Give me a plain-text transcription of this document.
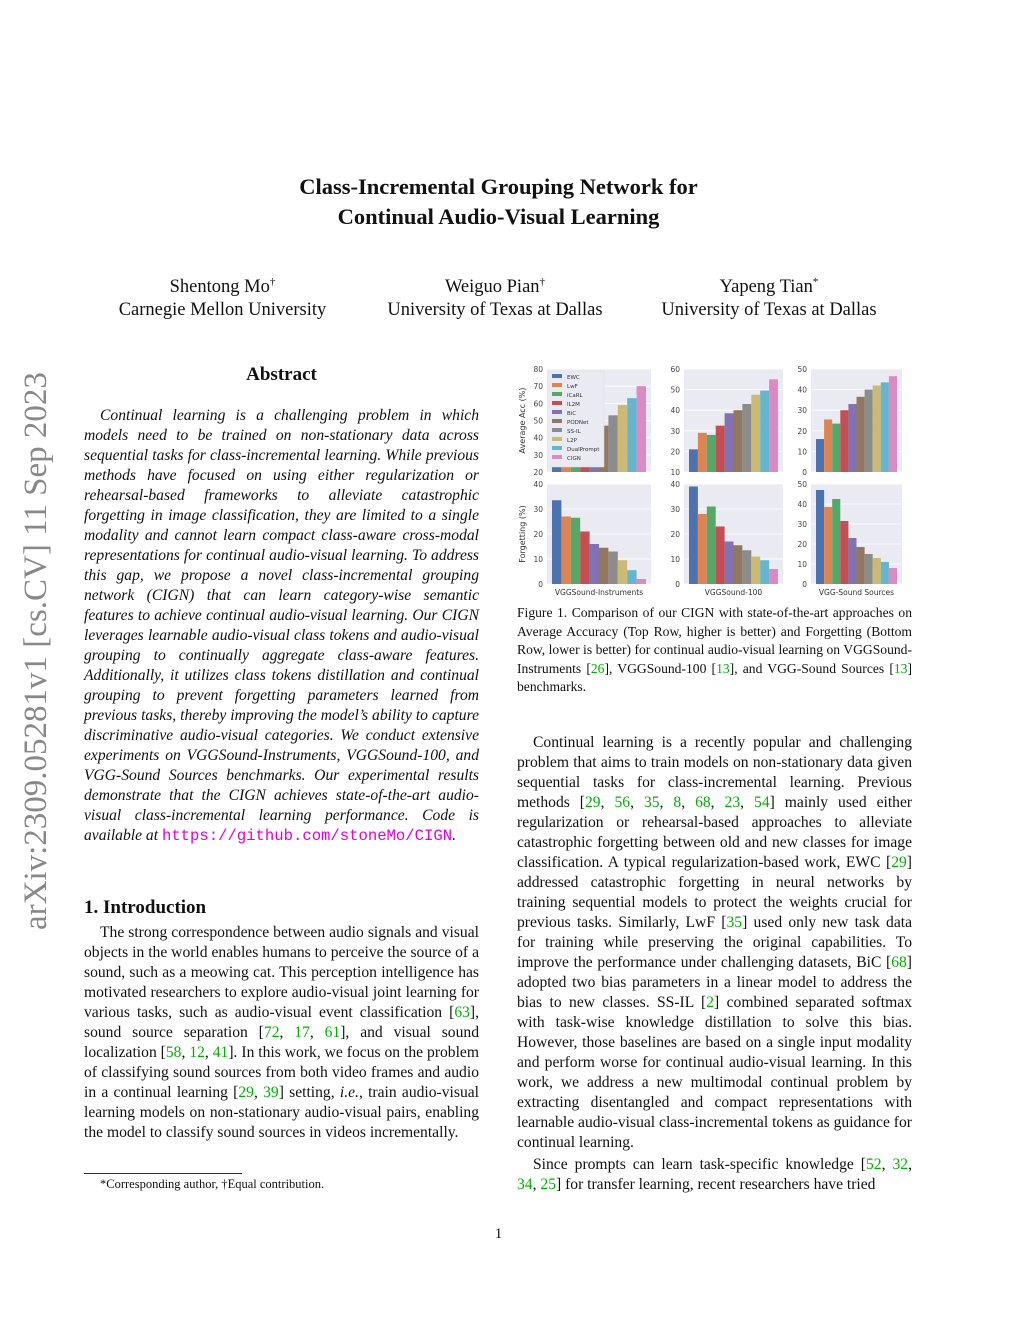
arXiv:2309.05281v1 [cs.CV] 11 Sep 2023
Class-Incremental Grouping Network for
Continual Audio-Visual Learning
Shentong Mo†
Carnegie Mellon University
Weiguo Pian†
University of Texas at Dallas
Yapeng Tian*
University of Texas at Dallas
Abstract

Continual learning is a challenging problem in which models need to be trained on non-stationary data across sequential tasks for class-incremental learning. While previous methods have focused on using either regularization or rehearsal-based frameworks to alleviate catastrophic forgetting in image classification, they are limited to a single modality and cannot learn compact class-aware cross-modal representations for continual audio-visual learning. To address this gap, we propose a novel class-incremental grouping network (CIGN) that can learn category-wise semantic features to achieve continual audio-visual learning. Our CIGN leverages learnable audio-visual class tokens and audio-visual grouping to continually aggregate class-aware features. Additionally, it utilizes class tokens distillation and continual grouping to prevent forgetting parameters learned from previous tasks, thereby improving the model’s ability to capture discriminative audio-visual categories. We conduct extensive experiments on VGGSound-Instruments, VGGSound-100, and VGG-Sound Sources benchmarks. Our experimental results demonstrate that the CIGN achieves state-of-the-art audio-visual class-incremental learning performance. Code is available at https://github.com/stoneMo/CIGN.

1. Introduction

The strong correspondence between audio signals and visual objects in the world enables humans to perceive the source of a sound, such as a meowing cat. This perception intelligence has motivated researchers to explore audio-visual joint learning for various tasks, such as audio-visual event classification [63], sound source separation [72, 17, 61], and visual sound localization [58, 12, 41]. In this work, we focus on the problem of classifying sound sources from both video frames and audio in a continual learning [29, 39] setting, i.e., train audio-visual learning models on non-stationary audio-visual pairs, enabling the model to classify sound sources in videos incrementally.

*Corresponding author, †Equal contribution.
Average Acc (%)
20
30
40
50
60
70
80
10
20
30
40
50
60
0
10
20
30
40
50
Forgetting (%)
0
10
20
30
40
VGGSound-Instruments
0
10
20
30
40
VGGSound-100
0
10
20
30
40
50
VGG-Sound Sources
EWC
LwF
iCaRL
IL2M
BiC
PODNet
SS-IL
L2P
DualPrompt
CIGN
Figure 1. Comparison of our CIGN with state-of-the-art approaches on Average Accuracy (Top Row, higher is better) and Forgetting (Bottom Row, lower is better) for continual audio-visual learning on VGGSound-Instruments [26], VGGSound-100 [13], and VGG-Sound Sources [13] benchmarks.

Continual learning is a recently popular and challenging problem that aims to train models on non-stationary data given sequential tasks for class-incremental learning. Previous methods [29, 56, 35, 8, 68, 23, 54] mainly used either regularization or rehearsal-based approaches to alleviate catastrophic forgetting between old and new classes for image classification. A typical regularization-based work, EWC [29] addressed catastrophic forgetting in neural networks by training sequential models to protect the weights crucial for previous tasks. Similarly, LwF [35] used only new task data for training while preserving the original capabilities. To improve the performance under challenging datasets, BiC [68] adopted two bias parameters in a linear model to address the bias to new classes. SS-IL [2] combined separated softmax with task-wise knowledge distillation to solve this bias. However, those baselines are based on a single input modality and perform worse for continual audio-visual learning. In this work, we address a new multimodal continual problem by extracting disentangled and compact representations with learnable audio-visual class-incremental tokens as guidance for continual learning.

Since prompts can learn task-specific knowledge [52, 32, 34, 25] for transfer learning, recent researchers have tried

1
